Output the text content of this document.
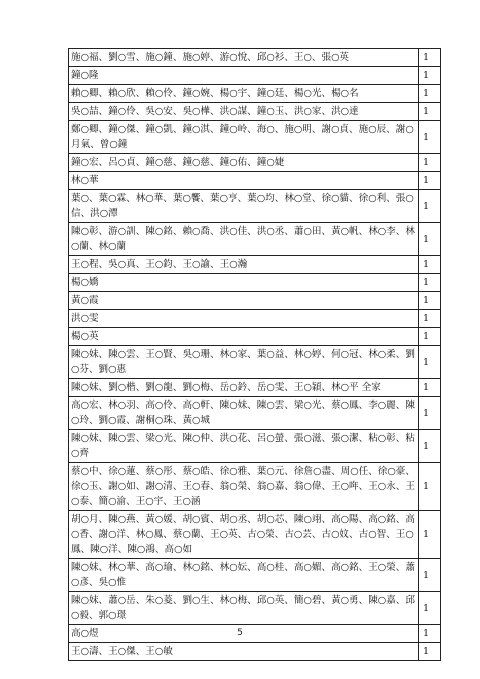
施○福、劉○雪、施○鐘、施○婷、游○悅、邱○衫、王○、張○英	1
鐘○隆	1
賴○卿、賴○欣、賴○伶、鐘○婉、楊○宇、鐘○廷、楊○光、楊○名	1
吳○喆、鐘○伶、吳○安、吳○樺、洪○謀、鐘○玉、洪○家、洪○達	1
鄭○卿、鐘○傑、鐘○凱、鐘○淇、鐘○岭、海○、施○明、謝○貞、施○辰、謝○月氣、曾○鐘	1
鐘○宏、呂○貞、鐘○慈、鐘○慈、鐘○佑、鐘○婕	1
林○華	1
葉○、葉○霖、林○華、葉○饗、葉○亨、葉○均、林○堂、徐○貓、徐○利、張○信、洪○潭	1
陳○彰、游○訓、陳○銘、賴○喬、洪○佳、洪○丞、蕭○田、黃○帆、林○李、林○蘭、林○蘭	1
王○程、吳○真、王○鈞、王○諭、王○瀚	1
楊○嬌	1
黃○霞	1
洪○雯	1
楊○英	1
陳○妹、陳○雲、王○賢、吳○珊、林○家、葉○益、林○婷、何○冠、林○柔、劉○芬、劉○惠	1
陳○妹、劉○楷、劉○龍、劉○梅、岳○鈐、岳○雯、王○穎、林○平 全家	1
高○宏、林○羽、高○伶、高○軒、陳○妹、陳○雲、梁○光、蔡○鳳、李○麗、陳○玲、劉○霞、謝桐○珠、黃○城	1
陳○妹、陳○雲、梁○光、陳○仲、洪○花、呂○螢、張○滋、張○潔、粘○彰、粘○齊	1
蔡○中、徐○蓮、蔡○彤、蔡○皓、徐○雅、葉○元、徐詹○盡、周○任、徐○豪、徐○玉、謝○如、謝○清、王○春、翁○榮、翁○嘉、翁○偉、王○哖、王○永、王○泰、簡○渝、王○宇、王○涵	1
胡○月、陳○燕、黃○媛、胡○賓、胡○丞、胡○芯、陳○翊、高○陽、高○銘、高○香、謝○洋、林○鳳、蔡○蘭、王○英、古○榮、古○芸、古○妏、古○智、王○鳳、陳○洋、陳○鴻、高○如	1
陳○妹、林○華、高○瑜、林○銘、林○妘、高○桂、高○媚、高○銘、王○榮、蕭○彥、吳○惟	1
陳○妹、蕭○岳、朱○菱、劉○生、林○梅、邱○英、簡○碧、黃○勇、陳○嘉、邱○毅、郭○璟	1
高○煜	1
王○濤、王○傑、王○敏	1
5
